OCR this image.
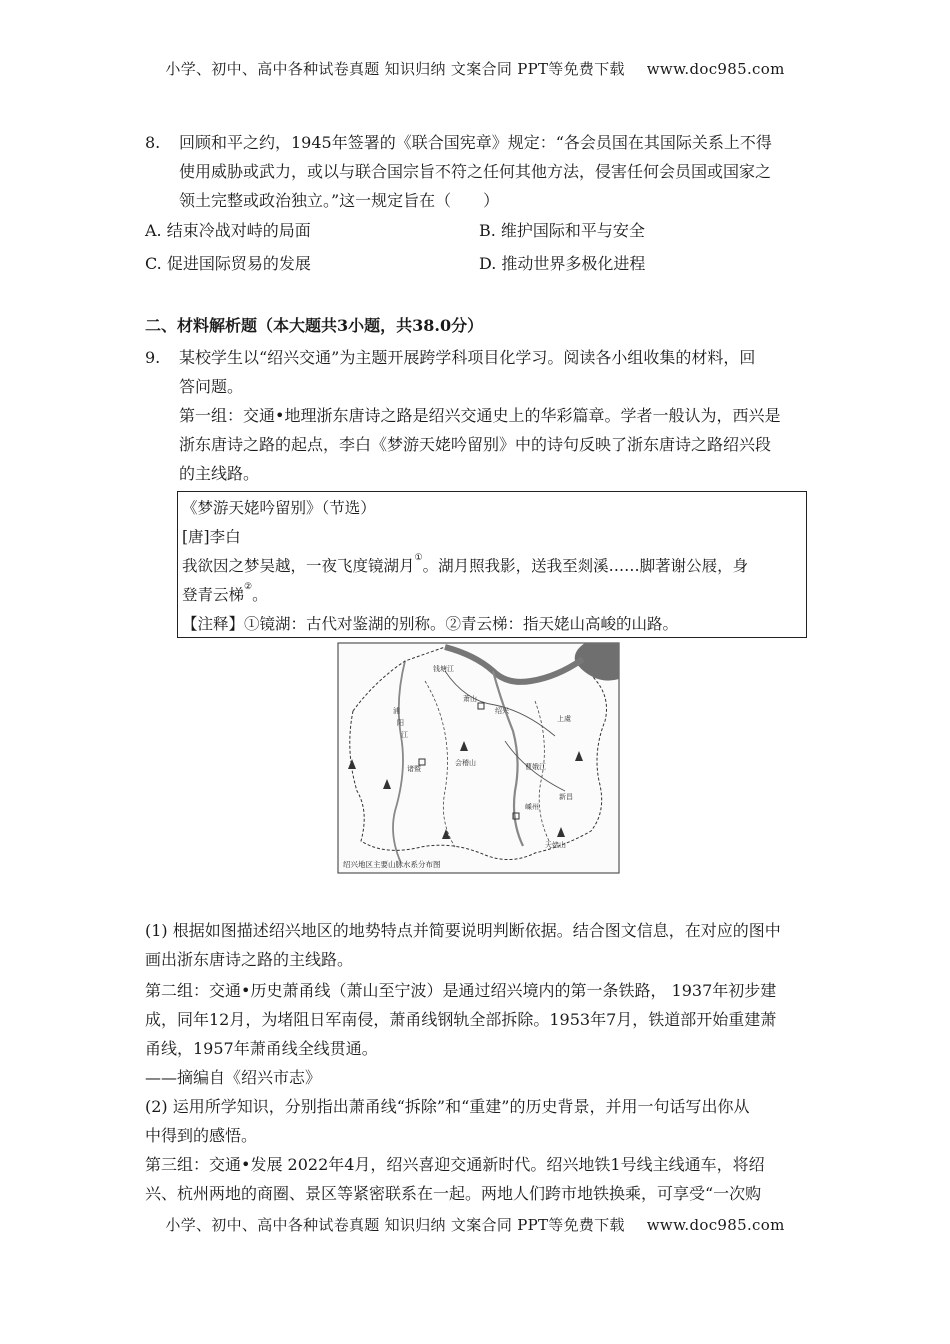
小学、初中、高中各种试卷真题 知识归纳 文案合同 PPT等免费下载 www.doc985.com
8. 回顾和平之约，1945年签署的《联合国宪章》规定：“各会员国在其国际关系上不得

使用威胁或武力，或以与联合国宗旨不符之任何其他方法，侵害任何会员国或国家之

领土完整或政治独立。”这一规定旨在（　　）

A. 结束冷战对峙的局面	B. 维护国际和平与安全
C. 促进国际贸易的发展	D. 推动世界多极化进程
二、材料解析题（本大题共3小题，共38.0分）
9. 某校学生以“绍兴交通”为主题开展跨学科项目化学习。阅读各小组收集的材料，回

答问题。

第一组：交通•地理浙东唐诗之路是绍兴交通史上的华彩篇章。学者一般认为，西兴是

浙东唐诗之路的起点，李白《梦游天姥吟留别》中的诗句反映了浙东唐诗之路绍兴段

的主线路。

《梦游天姥吟留别》（节选）

[唐]李白

我欲因之梦吴越，一夜飞度镜湖月①。湖月照我影，送我至剡溪……脚著谢公屐，身

登青云梯②。

【注释】①镜湖：古代对鉴湖的别称。②青云梯：指天姥山高峻的山路。

钱塘江
萧山
绍兴
诸暨
嵊州
新昌
天姥山
会稽山
上虞
曹娥江
浦
阳
江
绍兴地区主要山脉水系分布图

(1) 根据如图描述绍兴地区的地势特点并简要说明判断依据。结合图文信息，在对应的图中

画出浙东唐诗之路的主线路。

第二组：交通•历史萧甬线（萧山至宁波）是通过绍兴境内的第一条铁路， 1937年初步建

成，同年12月，为堵阻日军南侵，萧甬线钢轨全部拆除。1953年7月，铁道部开始重建萧

甬线，1957年萧甬线全线贯通。

——摘编自《绍兴市志》

(2) 运用所学知识，分别指出萧甬线“拆除”和“重建”的历史背景，并用一句话写出你从

中得到的感悟。

第三组：交通•发展 2022年4月，绍兴喜迎交通新时代。绍兴地铁1号线主线通车，将绍

兴、杭州两地的商圈、景区等紧密联系在一起。两地人们跨市地铁换乘，可享受“一次购

小学、初中、高中各种试卷真题 知识归纳 文案合同 PPT等免费下载 www.doc985.com
